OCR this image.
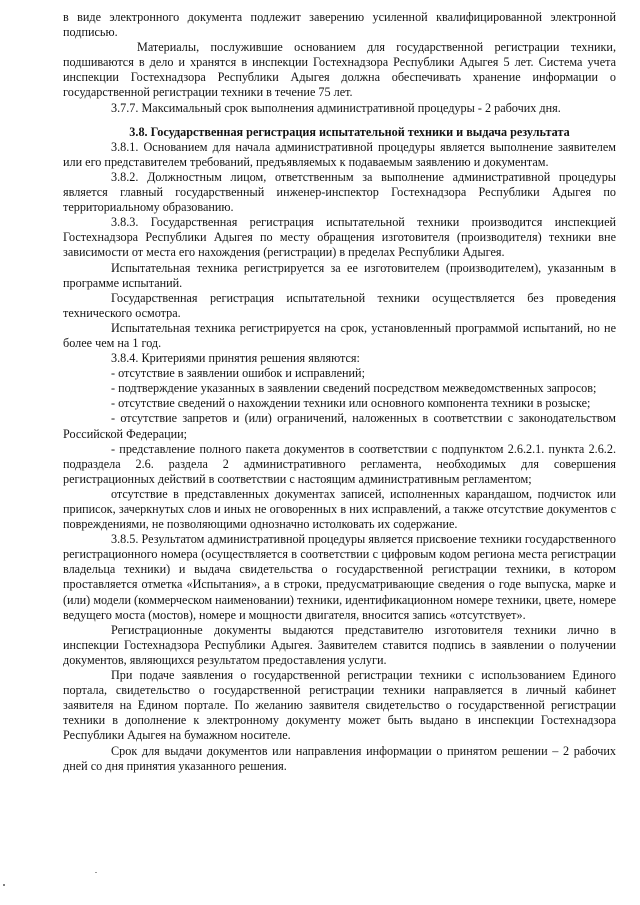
в виде электронного документа подлежит заверению усиленной квалифицированной электронной подписью.

Материалы, послужившие основанием для государственной регистрации техники, подшиваются в дело и хранятся в инспекции Гостехнадзора Республики Адыгея 5 лет. Система учета инспекции Гостехнадзора Республики Адыгея должна обеспечивать хранение информации о государственной регистрации техники в течение 75 лет.

3.7.7. Максимальный срок выполнения административной процедуры - 2 рабочих дня.

3.8. Государственная регистрация испытательной техники и выдача результата

3.8.1. Основанием для начала административной процедуры является выполнение заявителем или его представителем требований, предъявляемых к подаваемым заявлению и документам.

3.8.2. Должностным лицом, ответственным за выполнение административной процедуры является главный государственный инженер-инспектор Гостехнадзора Республики Адыгея по территориальному образованию.

3.8.3. Государственная регистрация испытательной техники производится инспекцией Гостехнадзора Республики Адыгея по месту обращения изготовителя (производителя) техники вне зависимости от места его нахождения (регистрации) в пределах Республики Адыгея.

Испытательная техника регистрируется за ее изготовителем (производителем), указанным в программе испытаний.

Государственная регистрация испытательной техники осуществляется без проведения технического осмотра.

Испытательная техника регистрируется на срок, установленный программой испытаний, но не более чем на 1 год.

3.8.4. Критериями принятия решения являются:

- отсутствие в заявлении ошибок и исправлений;

- подтверждение указанных в заявлении сведений посредством межведомственных запросов;

- отсутствие сведений о нахождении техники или основного компонента техники в розыске;

- отсутствие запретов и (или) ограничений, наложенных в соответствии с законодательством Российской Федерации;

- представление полного пакета документов в соответствии с подпунктом 2.6.2.1. пункта 2.6.2. подраздела 2.6. раздела 2 административного регламента, необходимых для совершения регистрационных действий в соответствии с настоящим административным регламентом;

отсутствие в представленных документах записей, исполненных карандашом, подчисток или приписок, зачеркнутых слов и иных не оговоренных в них исправлений, а также отсутствие документов с повреждениями, не позволяющими однозначно истолковать их содержание.

3.8.5. Результатом административной процедуры является присвоение техники государственного регистрационного номера (осуществляется в соответствии с цифровым кодом региона места регистрации владельца техники) и выдача свидетельства о государственной регистрации техники, в котором проставляется отметка «Испытания», а в строки, предусматривающие сведения о годе выпуска, марке и (или) модели (коммерческом наименовании) техники, идентификационном номере техники, цвете, номере ведущего моста (мостов), номере и мощности двигателя, вносится запись «отсутствует».

Регистрационные документы выдаются представителю изготовителя техники лично в инспекции Гостехнадзора Республики Адыгея. Заявителем ставится подпись в заявлении о получении документов, являющихся результатом предоставления услуги.

При подаче заявления о государственной регистрации техники с использованием Единого портала, свидетельство о государственной регистрации техники направляется в личный кабинет заявителя на Едином портале. По желанию заявителя свидетельство о государственной регистрации техники в дополнение к электронному документу может быть выдано в инспекции Гостехнадзора Республики Адыгея на бумажном носителе.

Срок для выдачи документов или направления информации о принятом решении – 2 рабочих дней со дня принятия указанного решения.
